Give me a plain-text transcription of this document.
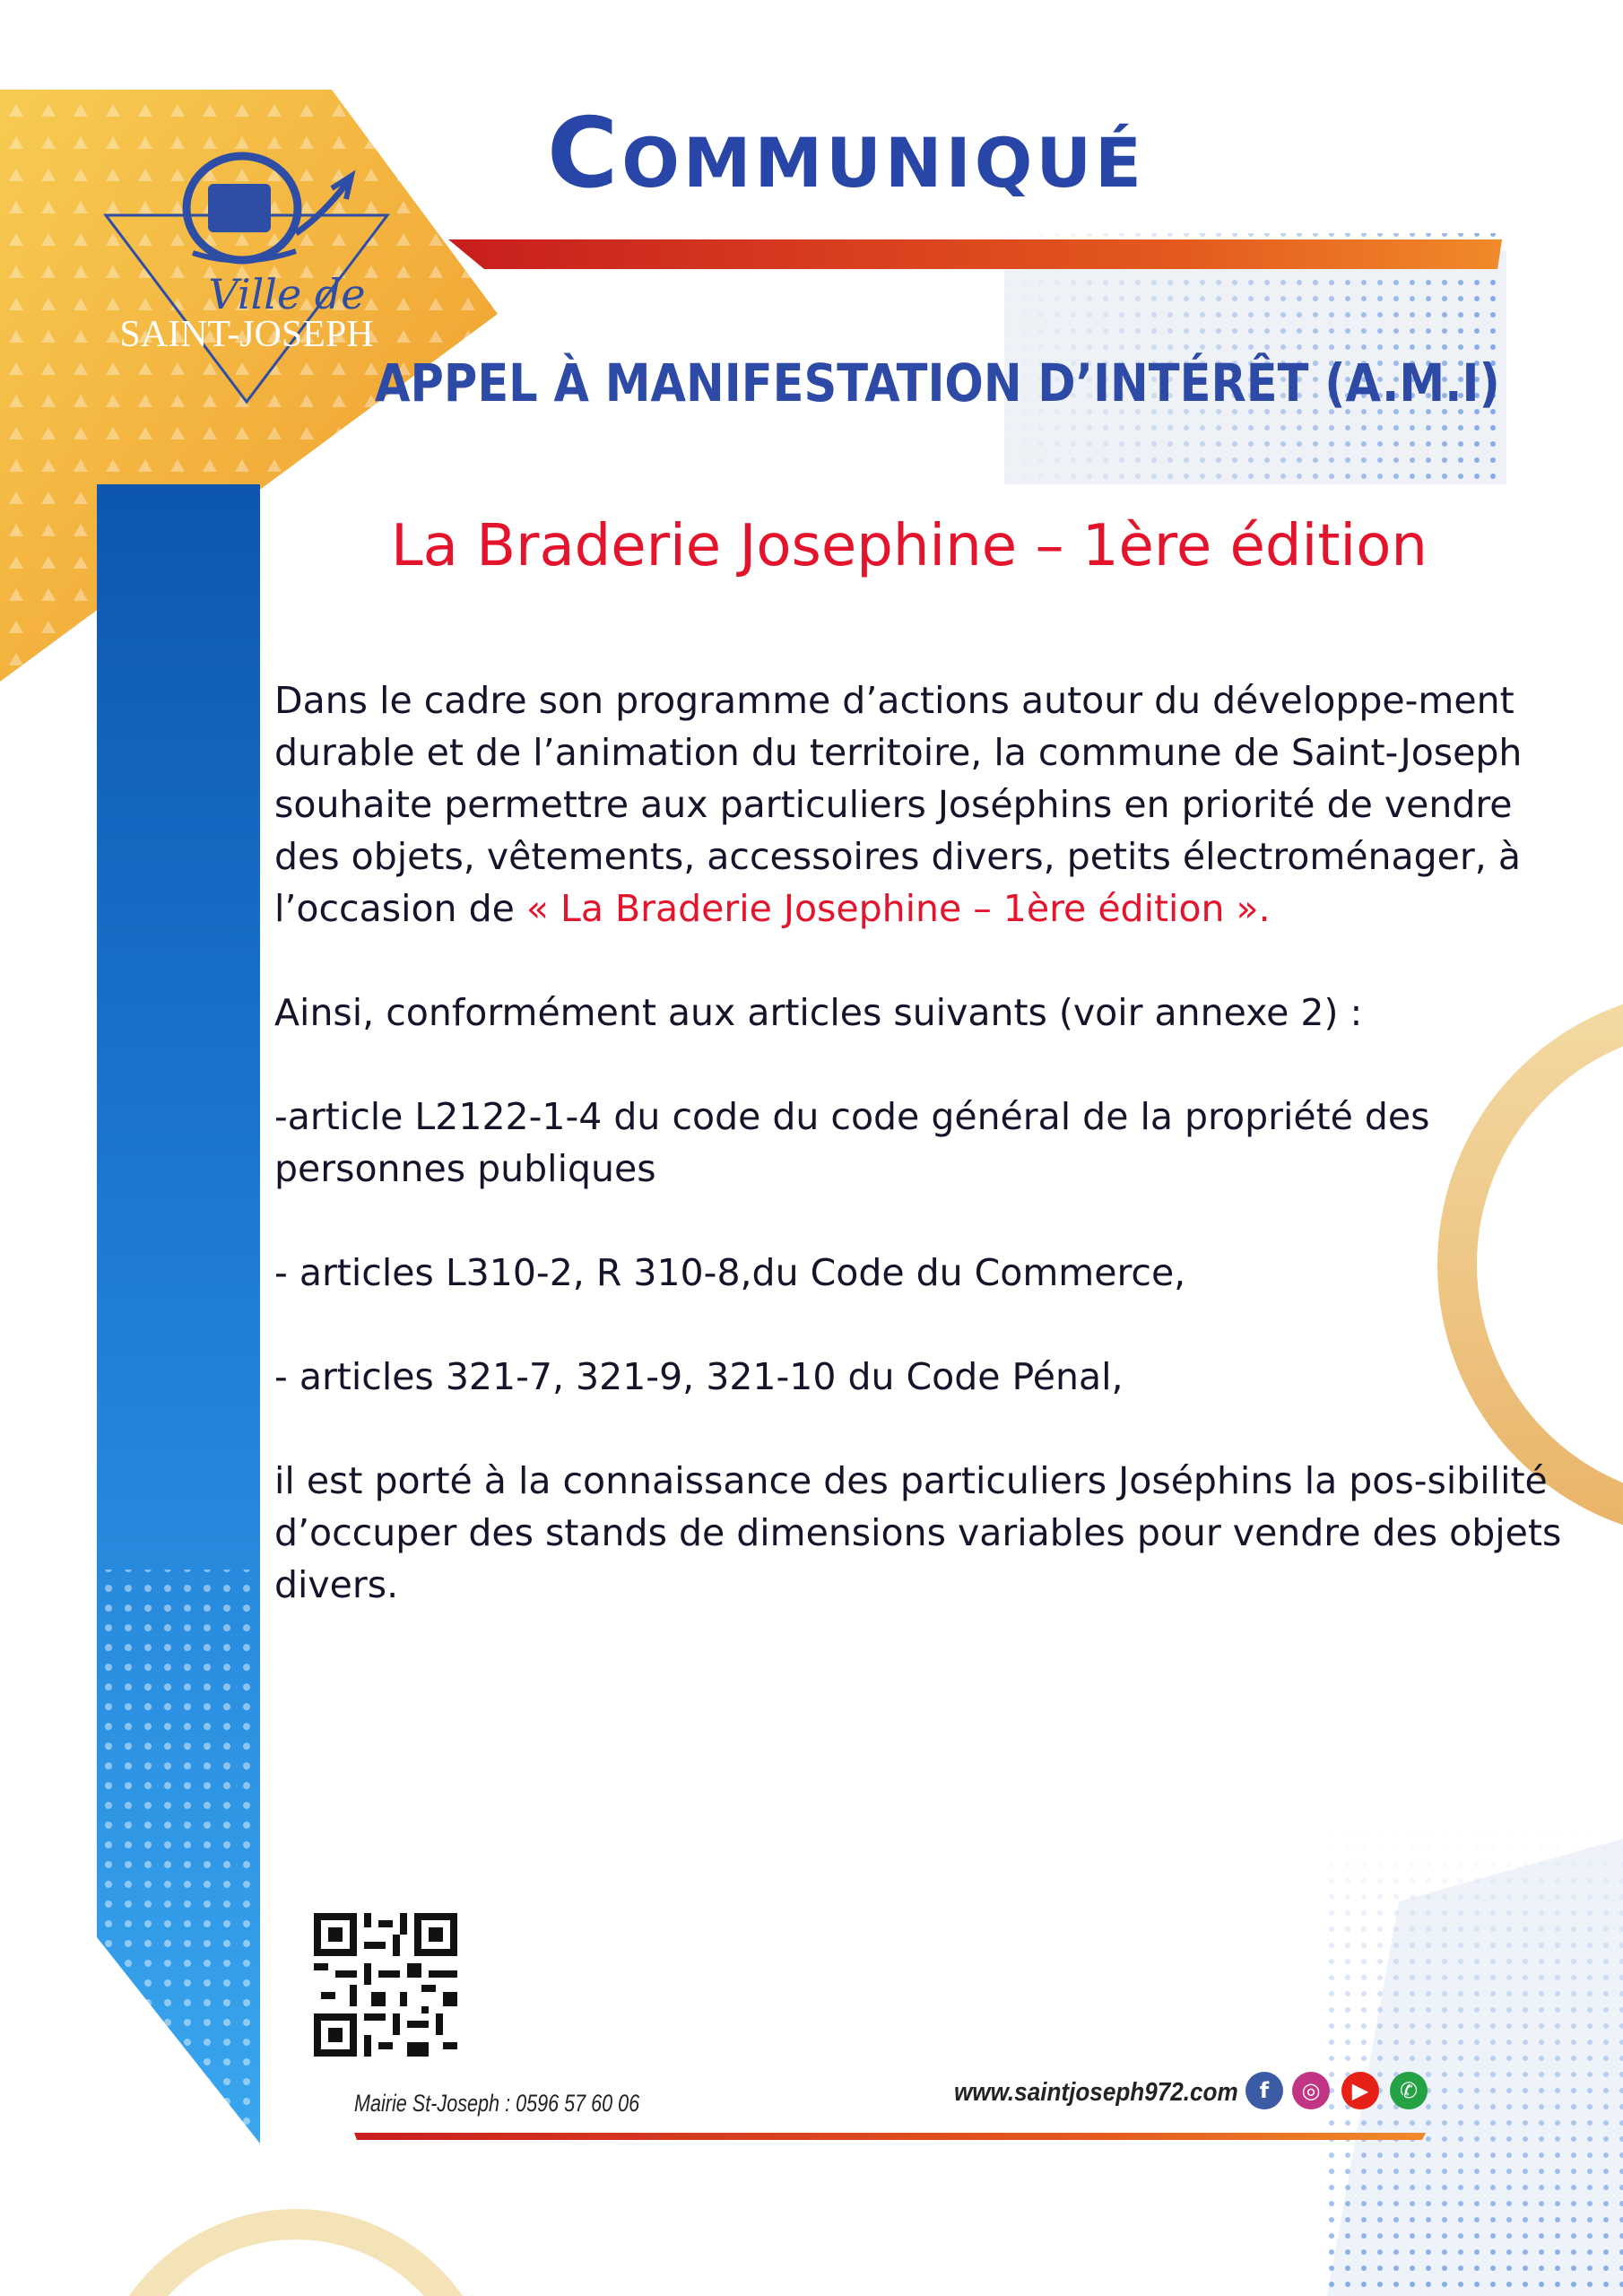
Ville de
SAINT-JOSEPH
Communiqué
APPEL À MANIFESTATION D’INTÉRÊT (A.M.I)
La Braderie Josephine – 1ère édition

Dans le cadre son programme d’actions autour du développe-ment durable et de l’animation du territoire, la commune de Saint-Joseph souhaite permettre aux particuliers Joséphins en priorité de vendre des objets, vêtements, accessoires divers, petits électroménager, à l’occasion de « La Braderie Josephine – 1ère édition ».

Ainsi, conformément aux articles suivants (voir annexe 2) :

-article L2122-1-4 du code du code général de la propriété des personnes publiques

- articles L310-2, R 310-8,du Code du Commerce,

- articles 321-7, 321-9, 321-10 du Code Pénal,

il est porté à la connaissance des particuliers Joséphins la pos-sibilité d’occuper des stands de dimensions variables pour vendre des objets divers.

Mairie St-Joseph : 0596 57 60 06	www.saintjoseph972.com f ◎ ▶ ✆
